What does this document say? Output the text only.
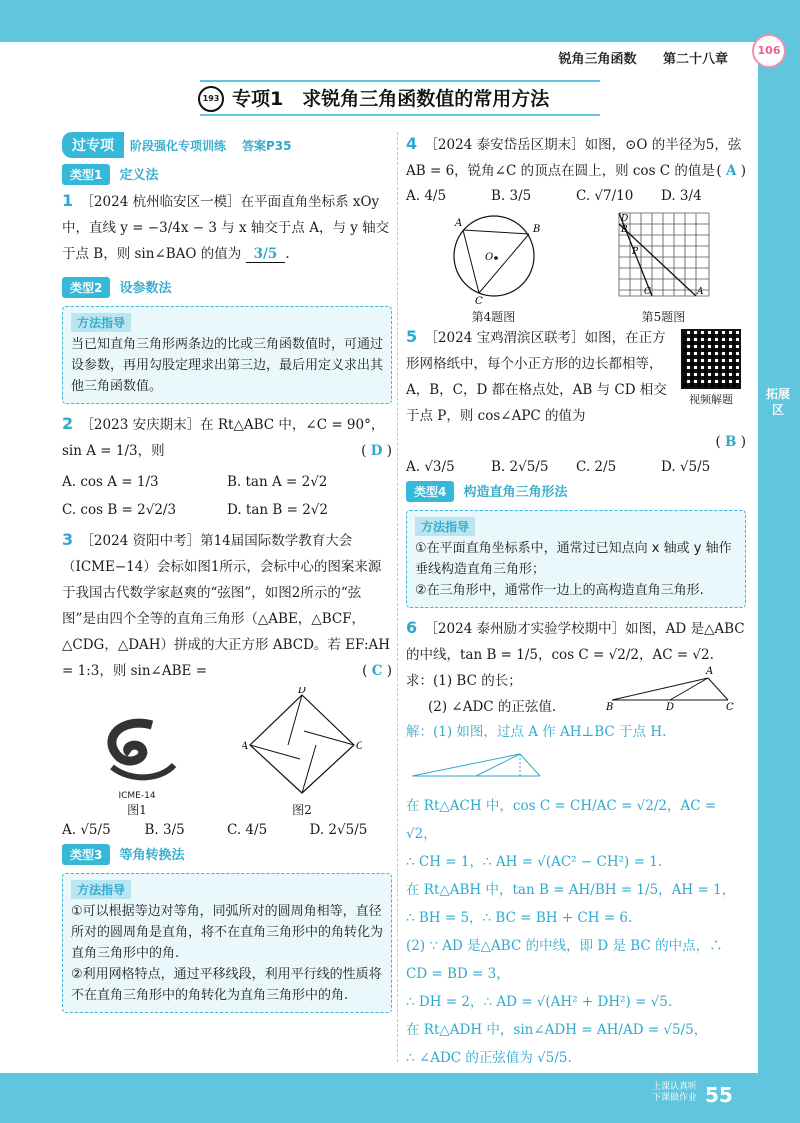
锐角三角函数 第二十八章
106
193 专项1　求锐角三角函数值的常用方法
过专项	阶段强化专项训练 答案P35
类型1 定义法
1 ［2024 杭州临安区一模］在平面直角坐标系 xOy 中，直线 y = −3/4x − 3 与 x 轴交于点 A，与 y 轴交于点 B，则 sin∠BAO 的值为 3/5 .
类型2 设参数法
方法指导
当已知直角三角形两条边的比或三角函数值时，可通过设参数，再用勾股定理求出第三边，最后用定义求出其他三角函数值。
2 ［2023 安庆期末］在 Rt△ABC 中，∠C = 90°，sin A = 1/3，则	( D )
A. cos A = 1/3	B. tan A = 2√2
C. cos B = 2√2/3	D. tan B = 2√2
3 ［2024 资阳中考］第14届国际数学教育大会（ICME−14）会标如图1所示，会标中心的图案来源于我国古代数学家赵爽的“弦图”，如图2所示的“弦图”是由四个全等的直角三角形（△ABE，△BCF，△CDG，△DAH）拼成的大正方形 ABCD。若 EF:AH = 1:3，则 sin∠ABE =	( C )
ICME-14
图1
D
图2
A. √5/5	B. 3/5	C. 4/5	D. 2√5/5
类型3 等角转换法
方法指导
①可以根据等边对等角，同弧所对的圆周角相等，直径所对的圆周角是直角，将不在直角三角形中的角转化为直角三角形中的角.
②利用网格特点，通过平移线段，利用平行线的性质将不在直角三角形中的角转化为直角三角形中的角.
4 ［2024 泰安岱岳区期末］如图，⊙O 的半径为5，弦 AB = 6，锐角∠C 的顶点在圆上，则 cos C 的值是 ( A )
A. 4/5	B. 3/5	C. √7/10	D. 3/4
A
B
C
O
第4题图
D
B
P
C	A
第5题图
5 ［2024 宝鸡渭滨区联考］如图，在正方形网格纸中，每个小正方形的边长都相等，A，B，C，D 都在格点处，AB 与 CD 相交于点 P，则 cos∠APC 的值为
视频解题
( B )
A. √3/5	B. 2√5/5	C. 2/5	D. √5/5
类型4 构造直角三角形法
方法指导
①在平面直角坐标系中，通常过已知点向 x 轴或 y 轴作垂线构造直角三角形；
②在三角形中，通常作一边上的高构造直角三角形.
6 ［2024 泰州励才实验学校期中］如图，AD 是△ABC 的中线，tan B = 1/5，cos C = √2/2，AC = √2.
求：(1) BC 的长；
(2) ∠ADC 的正弦值.	B	D	C
A
解：(1) 如图，过点 A 作 AH⊥BC 于点 H.
在 Rt△ACH 中，cos C = CH/AC = √2/2，AC = √2，
∴ CH = 1，∴ AH = √(AC² − CH²) = 1.
在 Rt△ABH 中，tan B = AH/BH = 1/5，AH = 1，
∴ BH = 5，∴ BC = BH + CH = 6.
(2) ∵ AD 是△ABC 的中线，即 D 是 BC 的中点，∴ CD = BD = 3，
∴ DH = 2，∴ AD = √(AH² + DH²) = √5.
在 Rt△ADH 中，sin∠ADH = AH/AD = √5/5，
∴ ∠ADC 的正弦值为 √5/5.
拓展区
上课认真听 下课做作业 55
